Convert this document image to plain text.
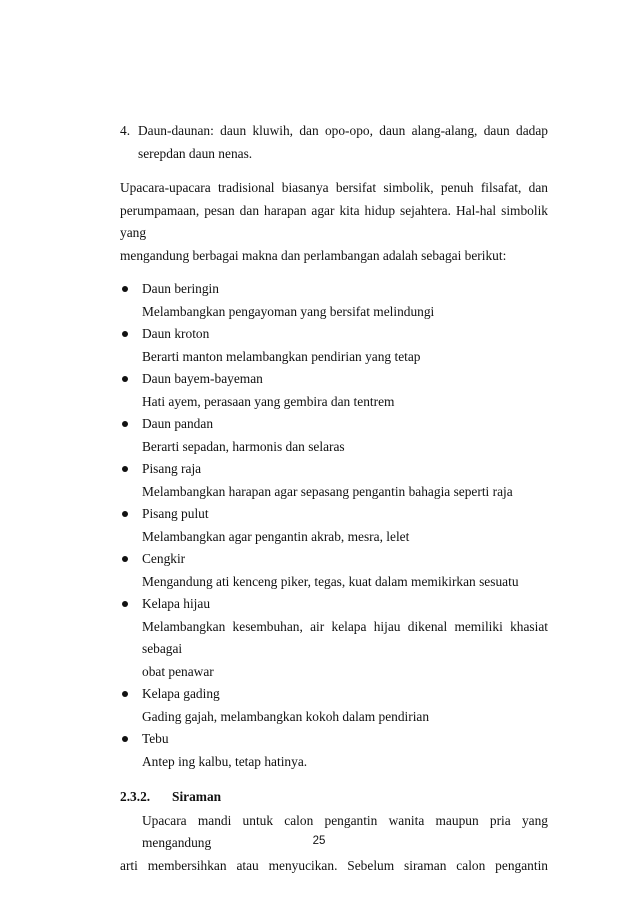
4. Daun-daunan: daun kluwih, dan opo-opo, daun alang-alang, daun dadap
serepdan daun nenas.
Upacara-upacara tradisional biasanya bersifat simbolik, penuh filsafat, dan
perumpamaan, pesan dan harapan agar kita hidup sejahtera. Hal-hal simbolik yang
mengandung berbagai makna dan perlambangan adalah sebagai berikut:
Daun beringin
Melambangkan pengayoman yang bersifat melindungi
Daun kroton
Berarti manton melambangkan pendirian yang tetap
Daun bayem-bayeman
Hati ayem, perasaan yang gembira dan tentrem
Daun pandan
Berarti sepadan, harmonis dan selaras
Pisang raja
Melambangkan harapan agar sepasang pengantin bahagia seperti raja
Pisang pulut
Melambangkan agar pengantin akrab, mesra, lelet
Cengkir
Mengandung ati kenceng piker, tegas, kuat dalam memikirkan sesuatu
Kelapa hijau
Melambangkan kesembuhan, air kelapa hijau dikenal memiliki khasiat sebagai
obat penawar
Kelapa gading
Gading gajah, melambangkan kokoh dalam pendirian
Tebu
Antep ing kalbu, tetap hatinya.
2.3.2. Siraman
Upacara mandi untuk calon pengantin wanita maupun pria yang mengandung
arti membersihkan atau menyucikan. Sebelum siraman calon pengantin
25
